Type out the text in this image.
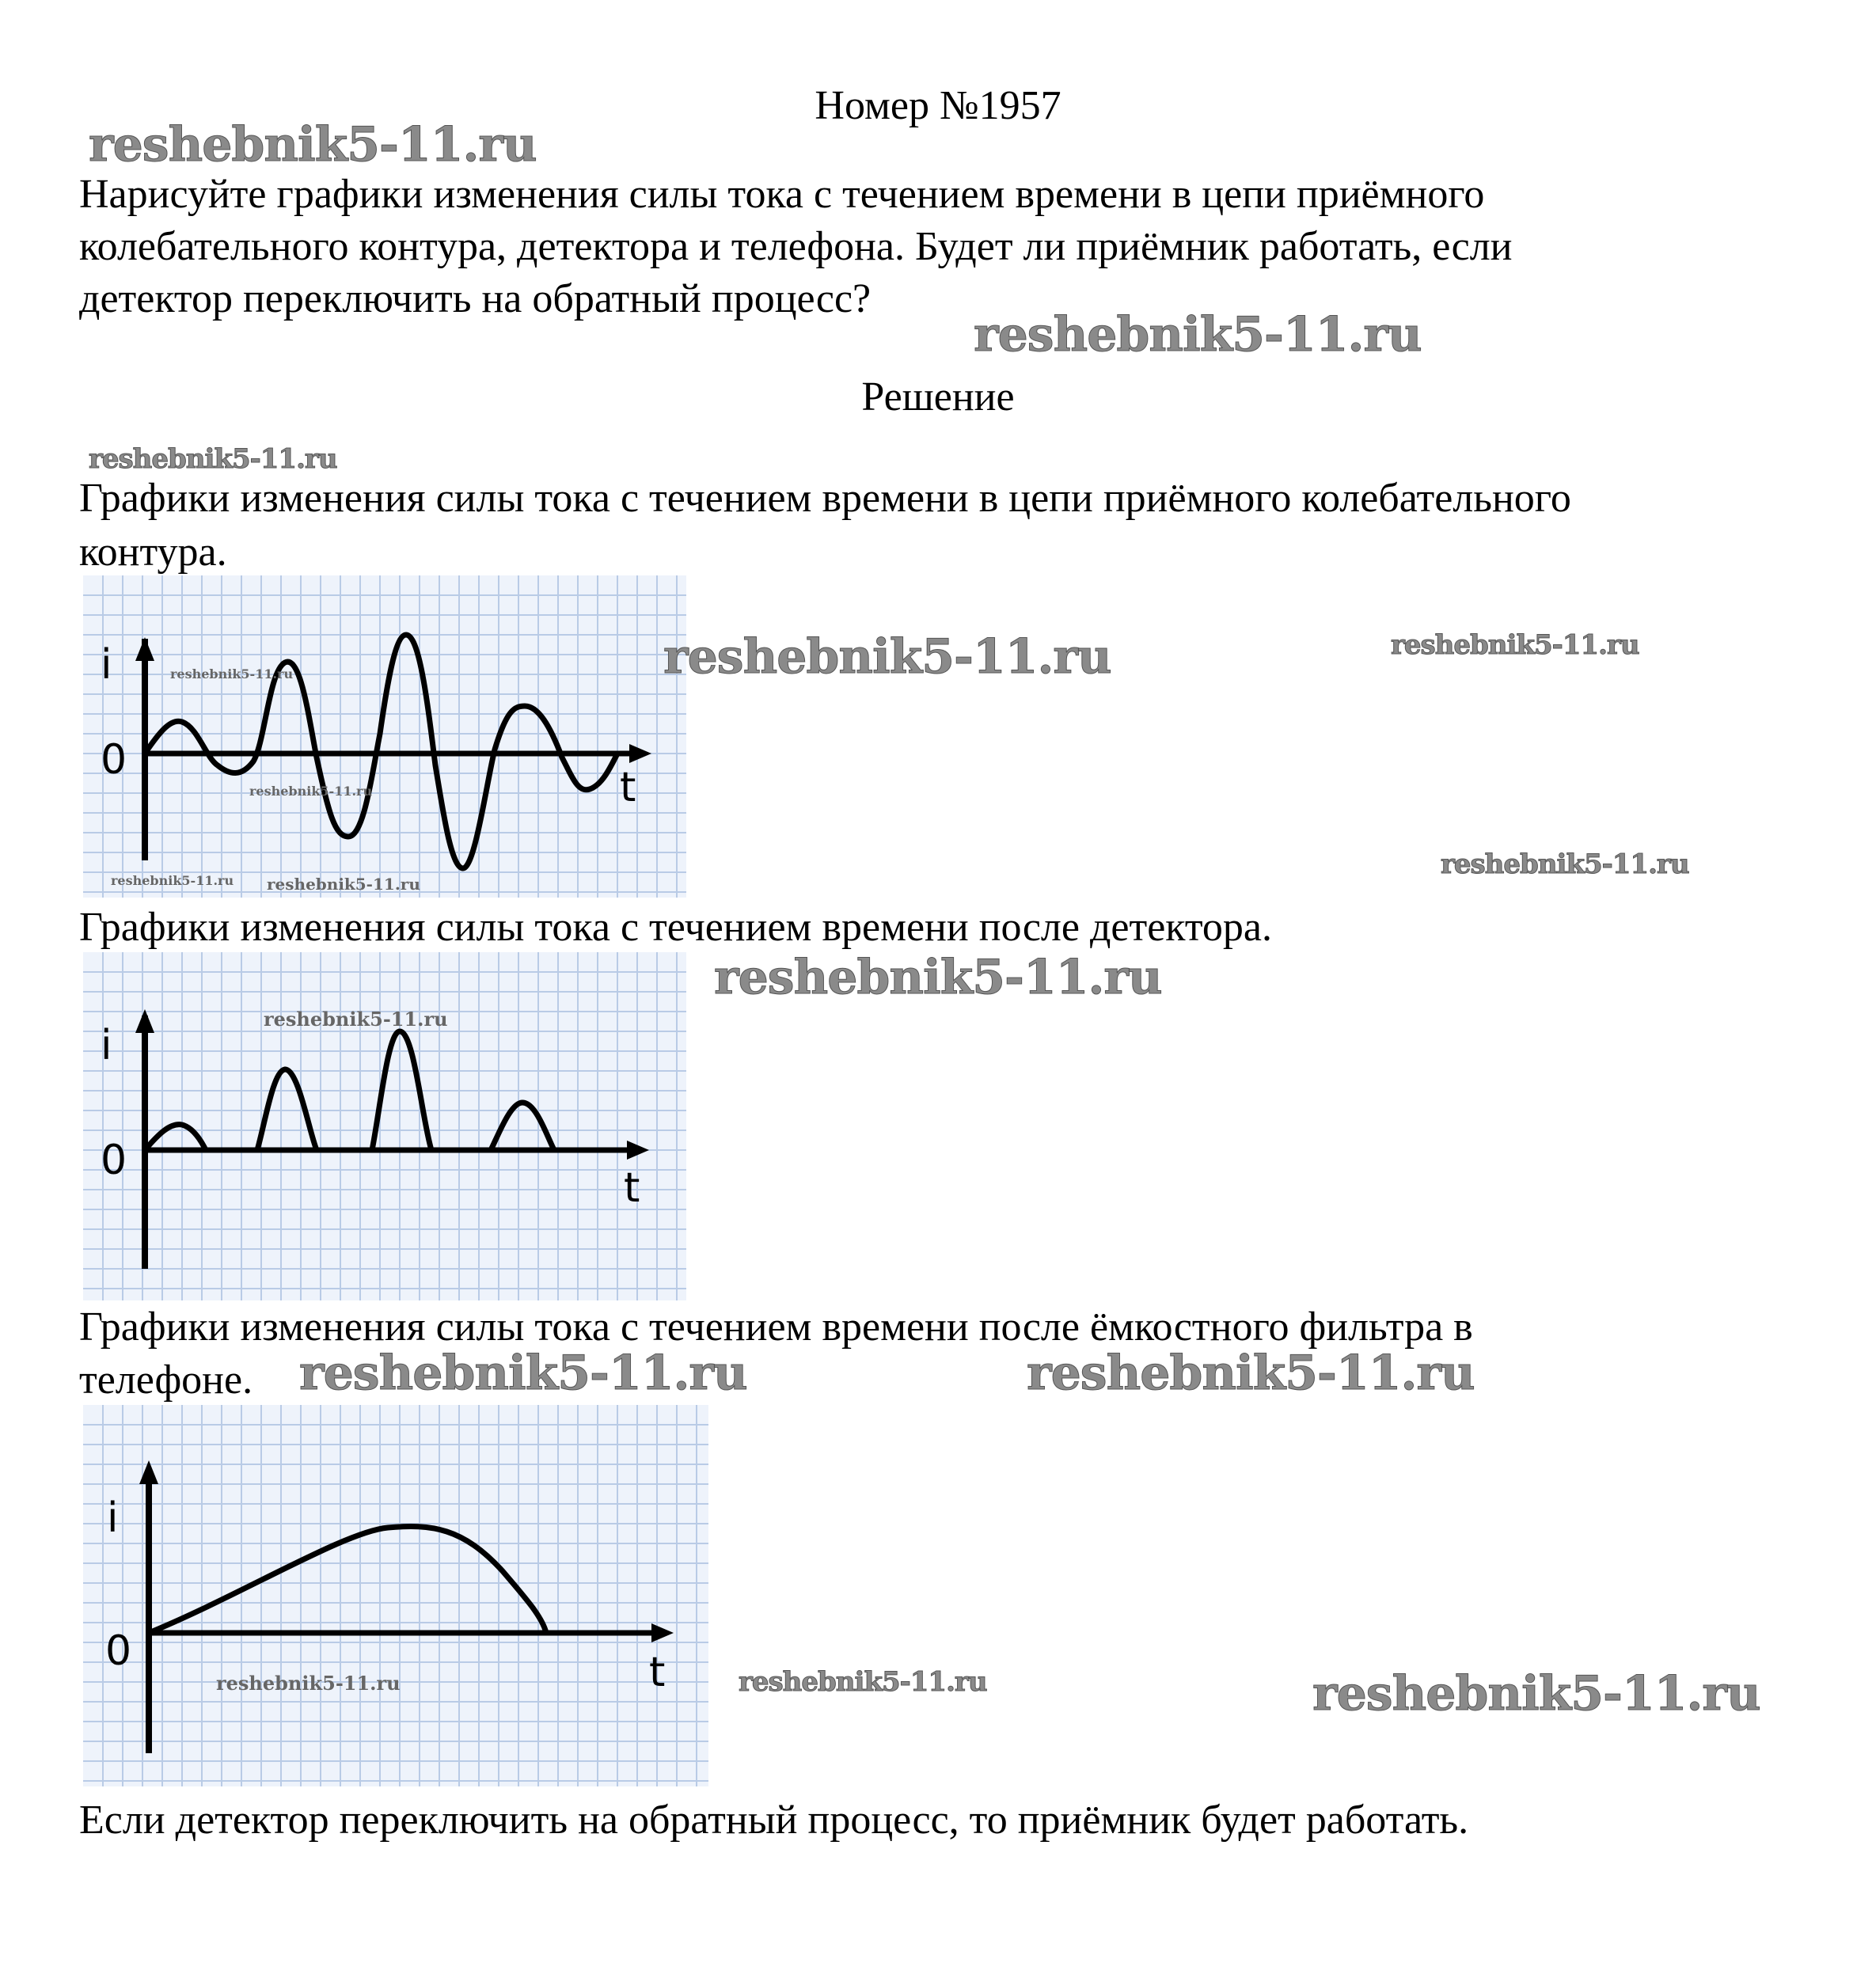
Номер №1957
Нарисуйте графики изменения силы тока с течением времени в цепи приёмного
колебательного контура, детектора и телефона. Будет ли приёмник работать, если
детектор переключить на обратный процесс?
Решение
Графики изменения силы тока с течением времени в цепи приёмного колебательного
контура.
i
t
0
Графики изменения силы тока с течением времени после детектора.
i
t
0
Графики изменения силы тока с течением времени после ёмкостного фильтра в
телефоне.
i
t
0
Если детектор переключить на обратный процесс, то приёмник будет работать.
reshebnik5-11.ru
reshebnik5-11.ru
reshebnik5-11.ru
reshebnik5-11.ru	reshebnik5-11.ru
reshebnik5-11.ru
reshebnik5-11.ru
reshebnik5-11.ru	reshebnik5-11.ru
reshebnik5-11.ru	reshebnik5-11.ru
reshebnik5-11.ru
reshebnik5-11.ru
reshebnik5-11.ru reshebnik5-11.ru
reshebnik5-11.ru
reshebnik5-11.ru
